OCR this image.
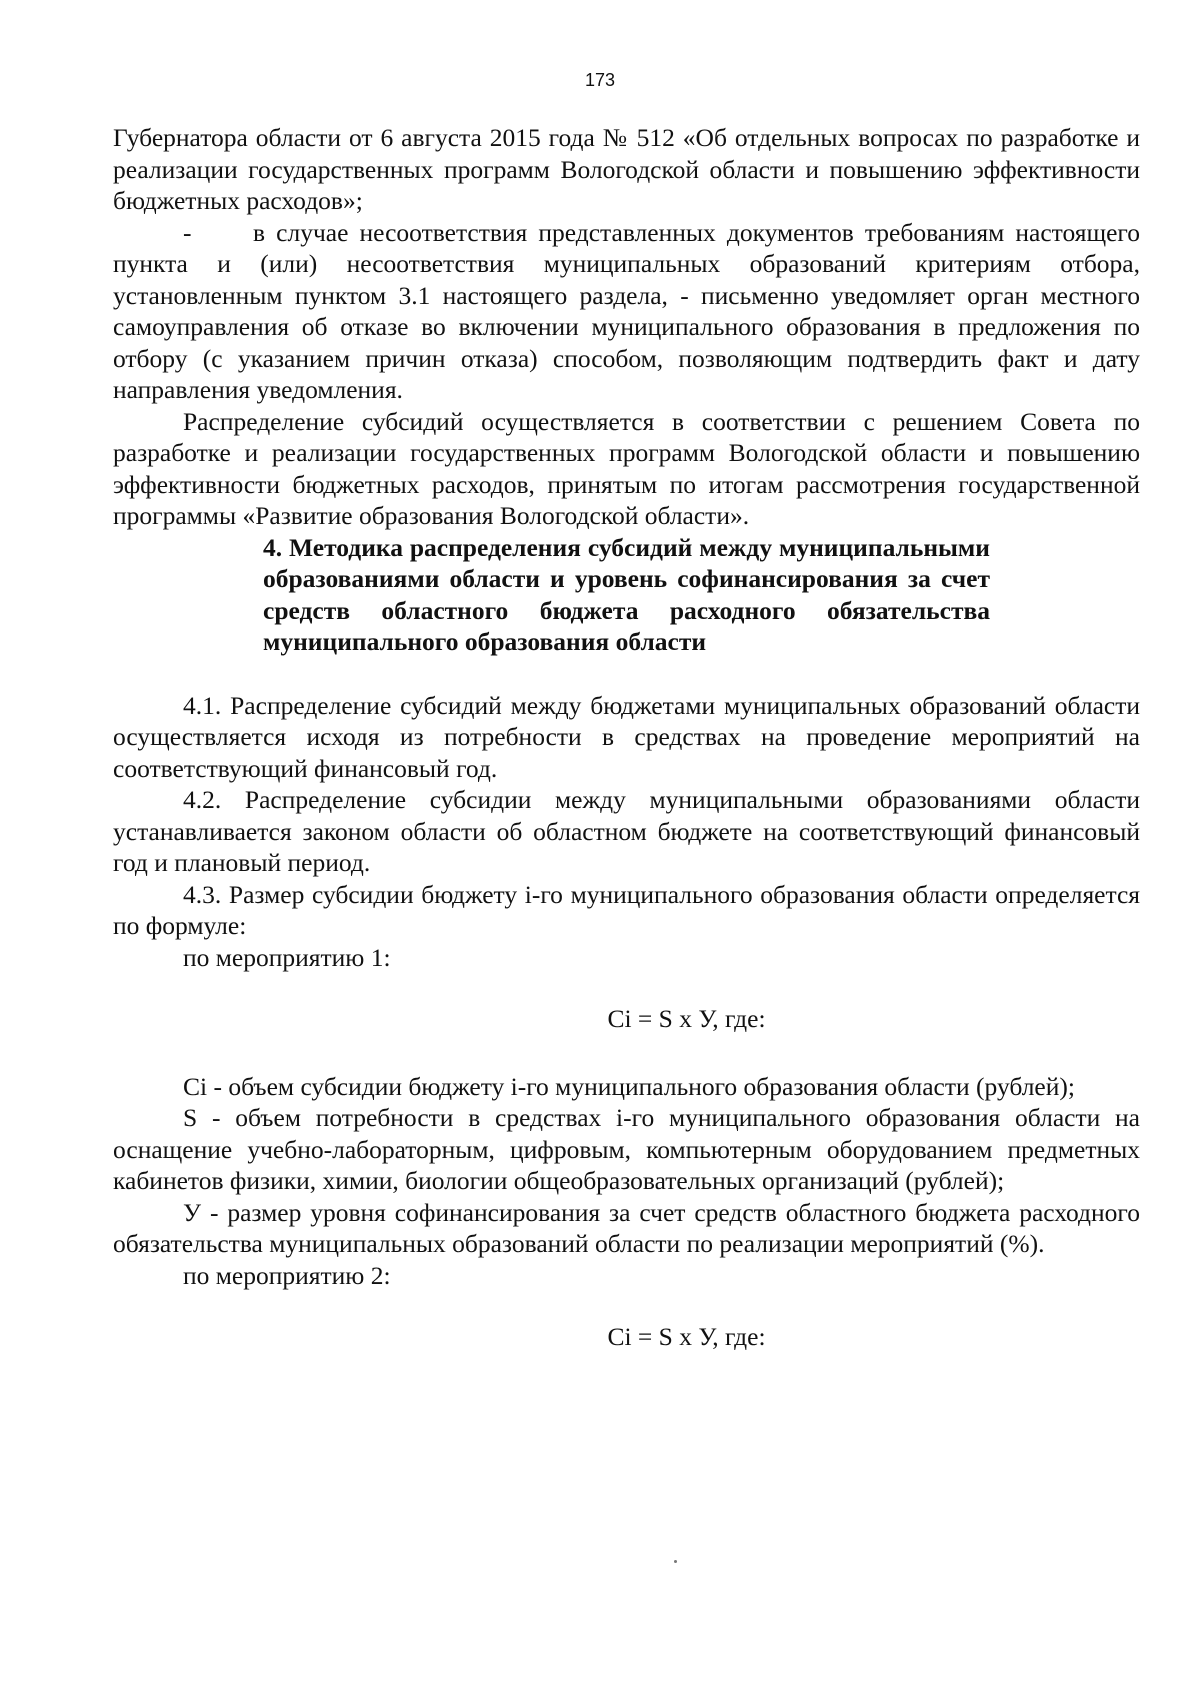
173

Губернатора области от 6 августа 2015 года № 512 «Об отдельных вопросах по разработке и реализации государственных программ Вологодской области и повышению эффективности бюджетных расходов»;

- в случае несоответствия представленных документов требованиям настоящего пункта и (или) несоответствия муниципальных образований критериям отбора, установленным пунктом 3.1 настоящего раздела, - письменно уведомляет орган местного самоуправления об отказе во включении муниципального образования в предложения по отбору (с указанием причин отказа) способом, позволяющим подтвердить факт и дату направления уведомления.

Распределение субсидий осуществляется в соответствии с решением Совета по разработке и реализации государственных программ Вологодской области и повышению эффективности бюджетных расходов, принятым по итогам рассмотрения государственной программы «Развитие образования Вологодской области».

4. Методика распределения субсидий между муниципальными образованиями области и уровень софинансирования за счет средств областного бюджета расходного обязательства муниципального образования области

4.1. Распределение субсидий между бюджетами муниципальных образований области осуществляется исходя из потребности в средствах на проведение мероприятий на соответствующий финансовый год.

4.2. Распределение субсидии между муниципальными образованиями области устанавливается законом области об областном бюджете на соответствующий финансовый год и плановый период.

4.3. Размер субсидии бюджету i-го муниципального образования области определяется по формуле:

по мероприятию 1:

Ci = S x У, где:

Ci - объем субсидии бюджету i-го муниципального образования области (рублей);

S - объем потребности в средствах i-го муниципального образования области на оснащение учебно-лабораторным, цифровым, компьютерным оборудованием предметных кабинетов физики, химии, биологии общеобразовательных организаций (рублей);

У - размер уровня софинансирования за счет средств областного бюджета расходного обязательства муниципальных образований области по реализации мероприятий (%).

по мероприятию 2:

Ci = S x У, где:
